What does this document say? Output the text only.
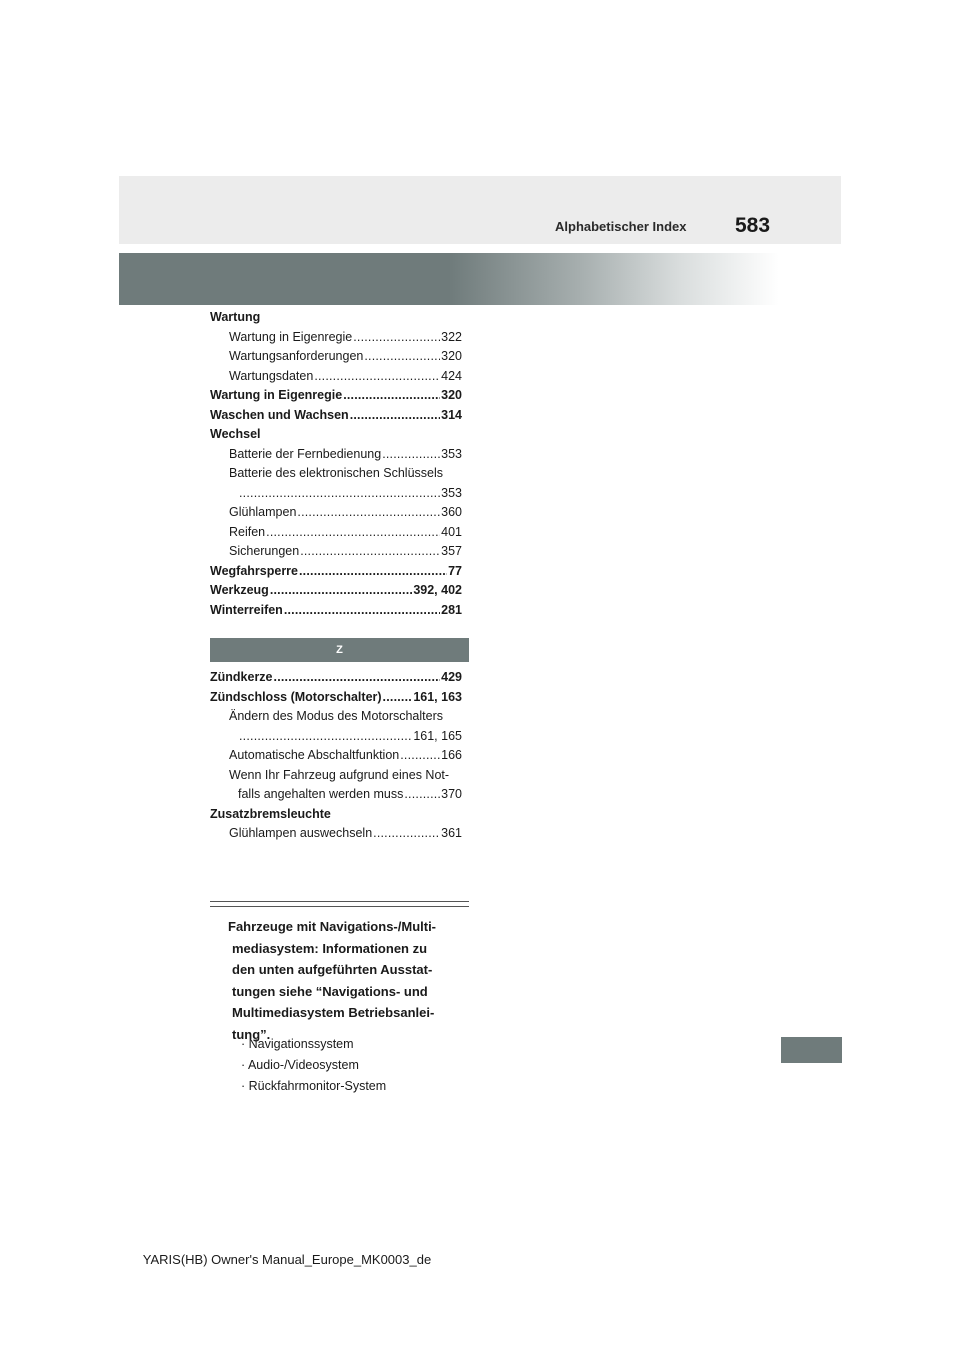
Alphabetischer Index 583
Wartung
Wartung in Eigenregie .....	322
Wartungsanforderungen .....	320
Wartungsdaten .....	424
Wartung in Eigenregie .....	320
Waschen und Wachsen .....	314
Wechsel
Batterie der Fernbedienung .....	353
Batterie des elektronischen Schlüssels
.....
353
Glühlampen .....	360
Reifen .....	401
Sicherungen .....	357
Wegfahrsperre .....	77
Werkzeug .....	392, 402
Winterreifen .....	281
Z
Zündkerze .....	429
Zündschloss (Motorschalter) .....	161, 163
Ändern des Modus des Motorschalters
.....
161, 165
Automatische Abschaltfunktion .....	166
Wenn Ihr Fahrzeug aufgrund eines Not-
falls angehalten werden muss .....	370
Zusatzbremsleuchte
Glühlampen auswechseln .....	361
Fahrzeuge mit Navigations-/Multi-
mediasystem: Informationen zu
den unten aufgeführten Ausstat-
tungen siehe “Navigations- und
Multimediasystem Betriebsanlei-
tung”.
· Navigationssystem
· Audio-/Videosystem
· Rückfahrmonitor-System
YARIS(HB) Owner's Manual_Europe_MK0003_de
